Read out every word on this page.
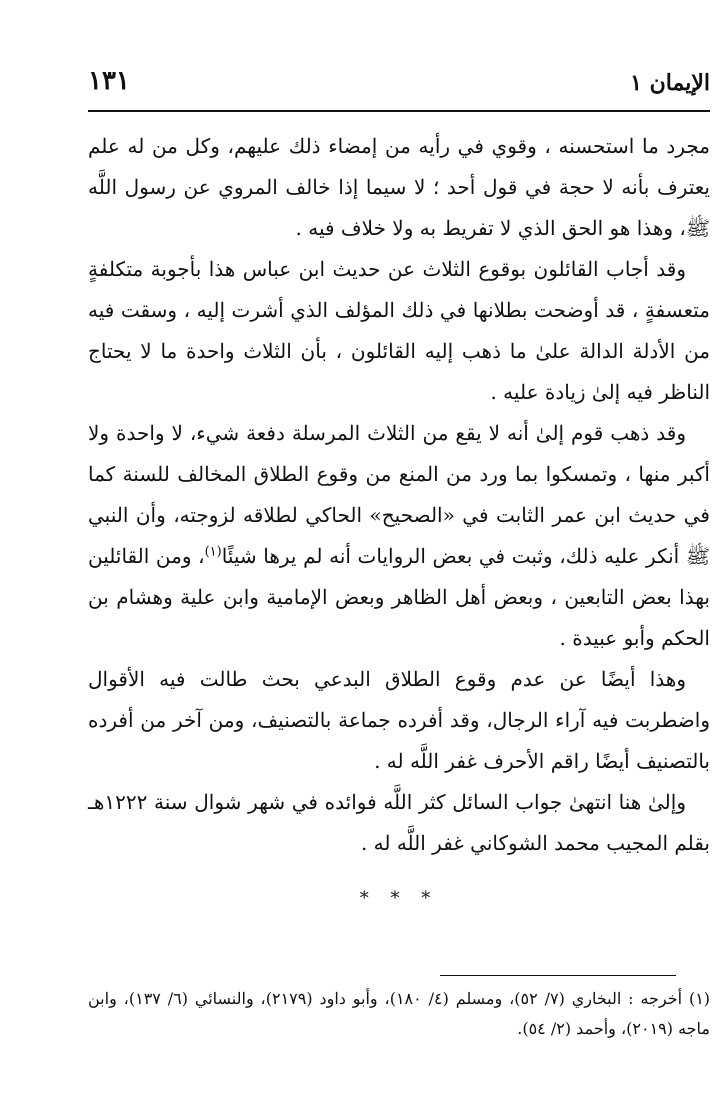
الإيمان ١
١٣١

مجرد ما استحسنه ، وقوي في رأيه من إمضاء ذلك عليهم، وكل من له علم يعترف بأنه لا حجة في قول أحد ؛ لا سيما إذا خالف المروي عن رسول اللَّه ﷺ، وهذا هو الحق الذي لا تفريط به ولا خلاف فيه .

وقد أجاب القائلون بوقوع الثلاث عن حديث ابن عباس هذا بأجوبة متكلفةٍ متعسفةٍ ، قد أوضحت بطلانها في ذلك المؤلف الذي أشرت إليه ، وسقت فيه من الأدلة الدالة علىٰ ما ذهب إليه القائلون ، بأن الثلاث واحدة ما لا يحتاج الناظر فيه إلىٰ زيادة عليه .

وقد ذهب قوم إلىٰ أنه لا يقع من الثلاث المرسلة دفعة شيء، لا واحدة ولا أكبر منها ، وتمسكوا بما ورد من المنع من وقوع الطلاق المخالف للسنة كما في حديث ابن عمر الثابت في «الصحيح» الحاكي لطلاقه لزوجته، وأن النبي ﷺ أنكر عليه ذلك، وثبت في بعض الروايات أنه لم يرها شيئًا$^{(١)}$، ومن القائلين بهذا بعض التابعين ، وبعض أهل الظاهر وبعض الإمامية وابن علية وهشام بن الحكم وأبو عبيدة .

وهذا أيضًا عن عدم وقوع الطلاق البدعي بحث طالت فيه الأقوال واضطربت فيه آراء الرجال، وقد أفرده جماعة بالتصنيف، ومن آخر من أفرده بالتصنيف أيضًا راقم الأحرف غفر اللَّه له .

وإلىٰ هنا انتهىٰ جواب السائل كثر اللَّه فوائده في شهر شوال سنة ١٢٢٢هـ بقلم المجيب محمد الشوكاني غفر اللَّه له .

* * *

(١) أخرجه : البخاري (٧/ ٥٢)، ومسلم (٤/ ١٨٠)، وأبو داود (٢١٧٩)، والنسائي (٦/ ١٣٧)، وابن ماجه (٢٠١٩)، وأحمد (٢/ ٥٤).
